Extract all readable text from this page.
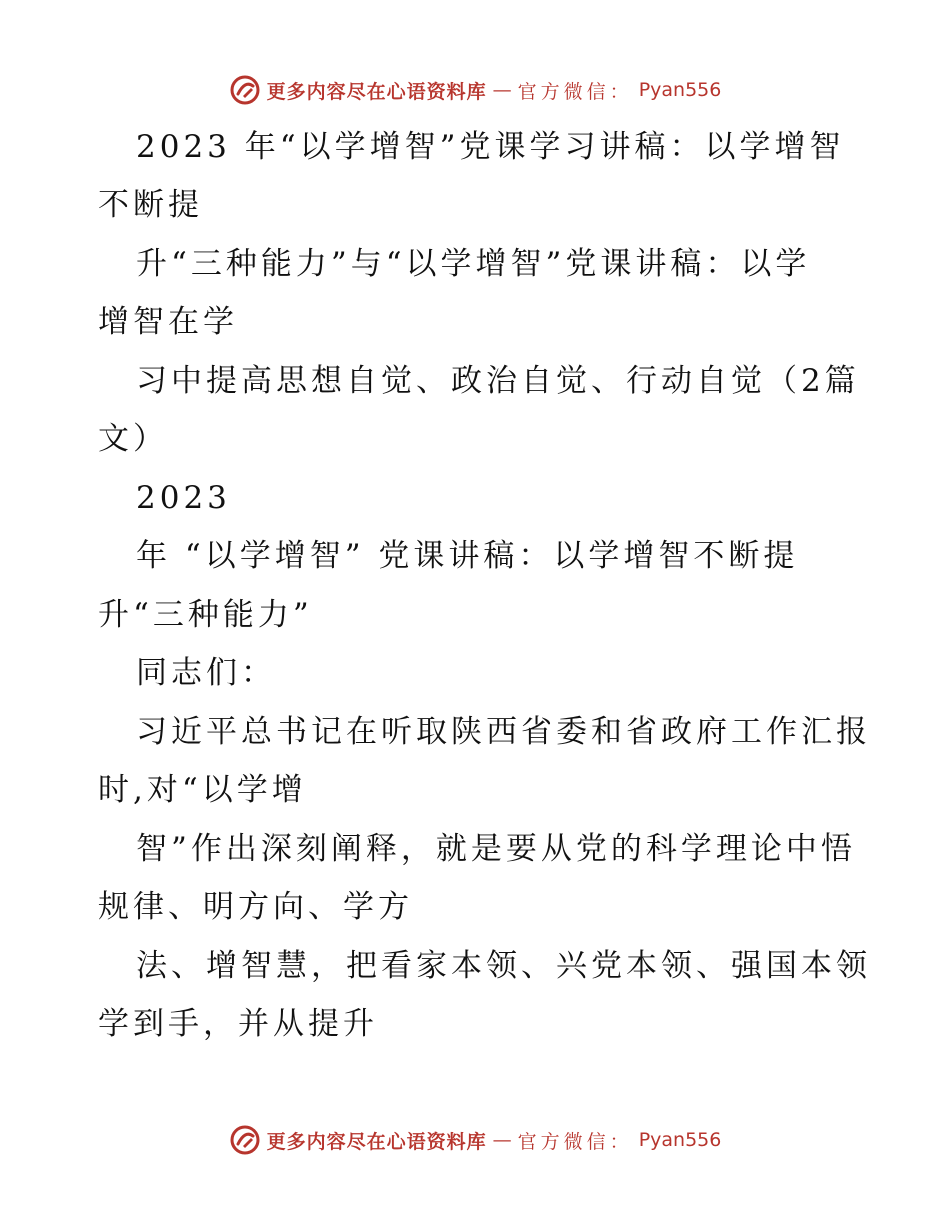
更多内容尽在心语资料库 — 官方微信： Pyan556
2023 年“以学增智”党课学习讲稿：以学增智
不断提
升“三种能力”与“以学增智”党课讲稿：以学
增智在学
习中提高思想自觉、政治自觉、行动自觉（2篇
文）
2023
年 “以学增智” 党课讲稿：以学增智不断提
升“三种能力”
同志们：
习近平总书记在听取陕西省委和省政府工作汇报
时,对“以学增
智”作出深刻阐释，就是要从党的科学理论中悟
规律、明方向、学方
法、增智慧，把看家本领、兴党本领、强国本领
学到手，并从提升
更多内容尽在心语资料库 — 官方微信： Pyan556
